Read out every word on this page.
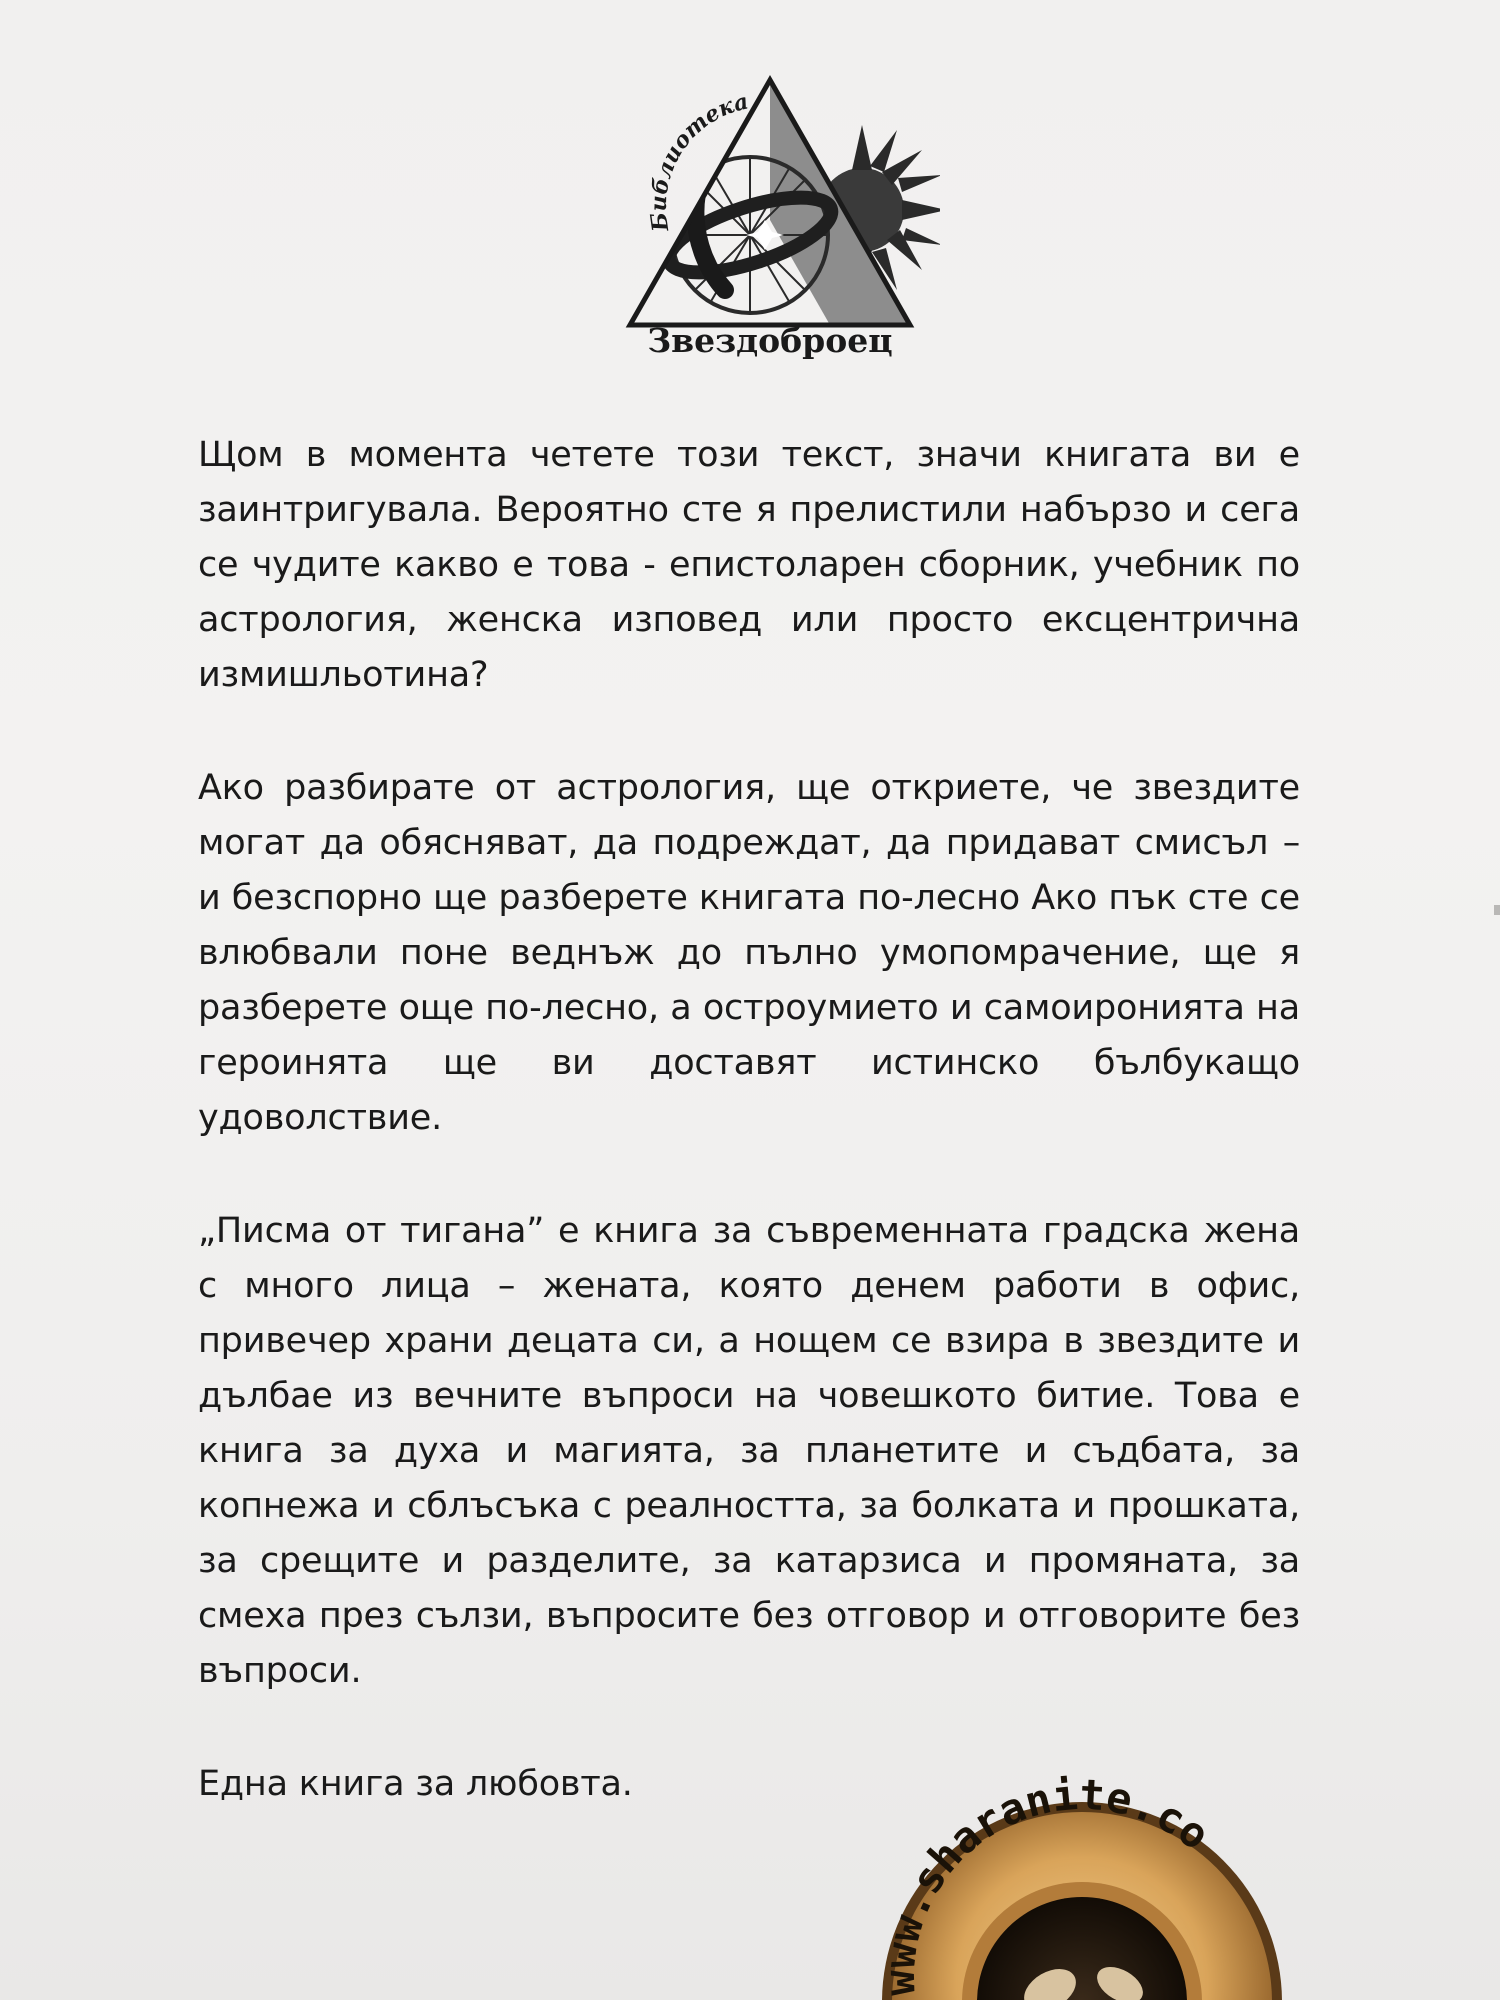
Библиотека
Звездоброец

Щом в момента четете този текст, значи книгата ви е заинтригувала. Вероятно сте я прелистили набързо и сега се чудите какво е това - епистоларен сборник, учебник по астрология, женска изповед или просто ексцентрична измишльотина?

Ако разбирате от астрология, ще откриете, че звездите могат да обясняват, да подреждат, да придават смисъл – и безспорно ще разберете книгата по-лесно Ако пък сте се влюбвали поне веднъж до пълно умопомрачение, ще я разберете още по-лесно, а остроумието и самоиронията на героинята ще ви доставят истинско бълбукащо удоволствие.

„Писма от тигана” е книга за съвременната градска жена с много лица – жената, която денем работи в офис, привечер храни децата си, а нощем се взира в звездите и дълбае из вечните въпроси на човешкото битие. Това е книга за духа и магията, за планетите и съдбата, за копнежа и сблъсъка с реалността, за болката и прошката, за срещите и разделите, за катарзиса и промяната, за смеха през сълзи, въпросите без отговор и отговорите без въпроси.

Една книга за любовта.

www.sharanite.co
